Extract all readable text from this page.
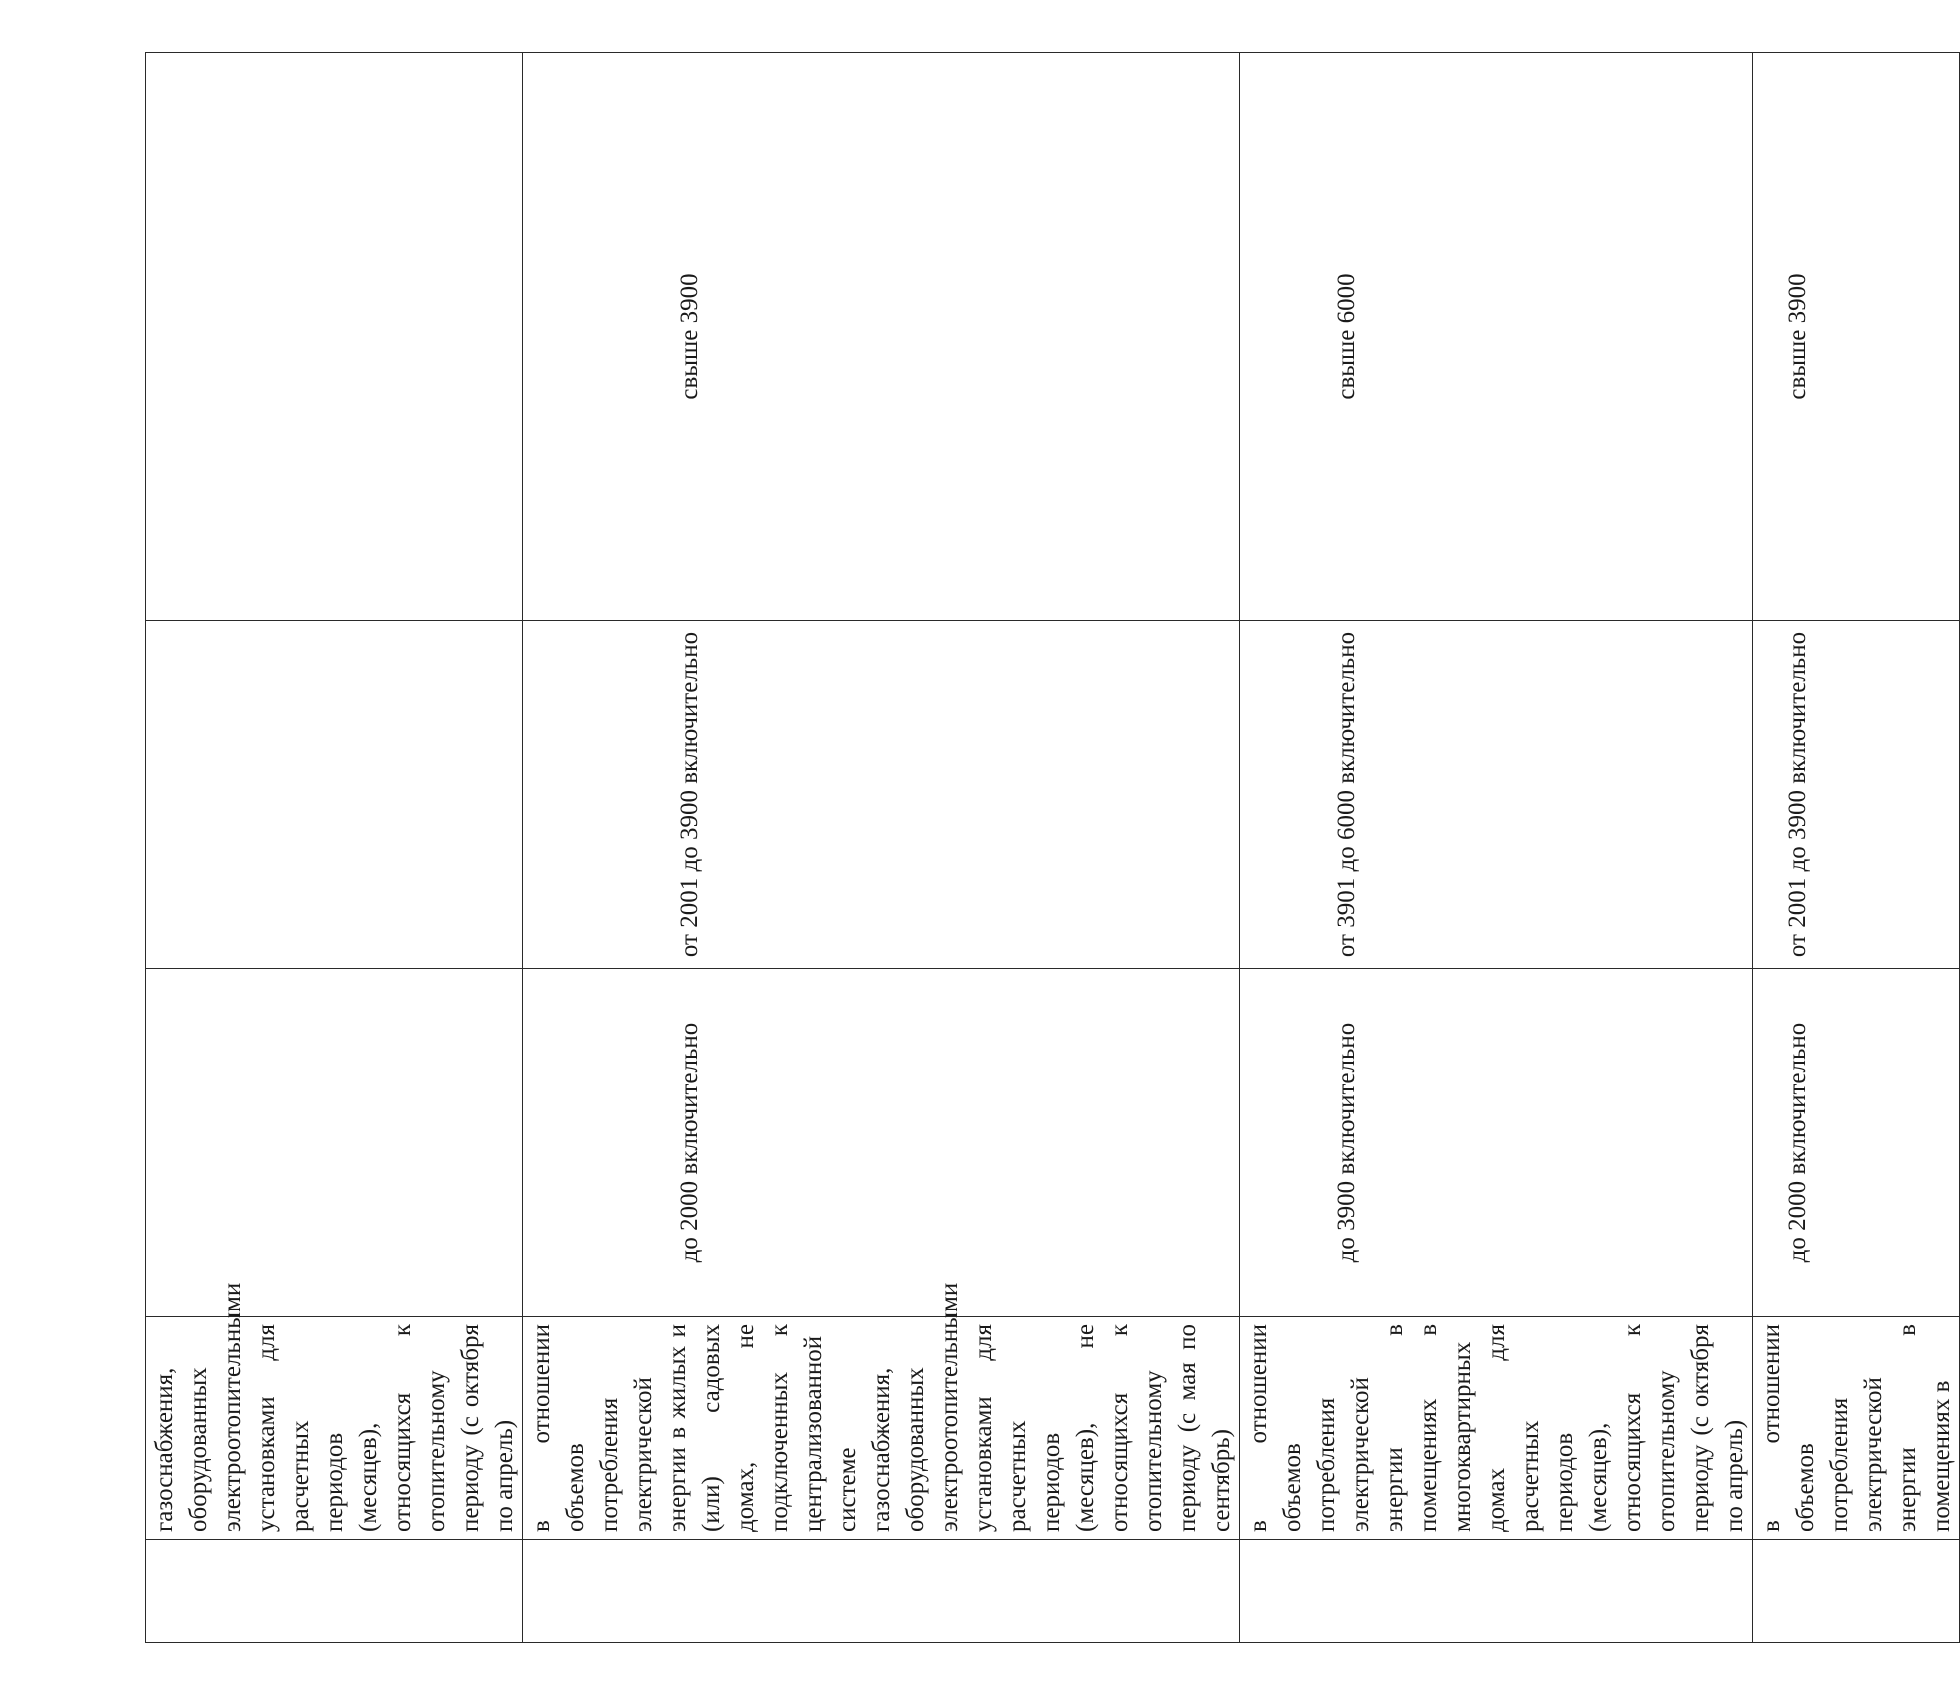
	газоснабжения, оборудованных электроотопительными установками для расчетных периодов (месяцев), относящихся к отопительному периоду (с октября по апрель)			

	в отношении объемов потребления электрической энергии в жилых и (или) садовых домах, не подключенных к централизованной системе газоснабжения, оборудованных электроотопительными установками для расчетных периодов (месяцев), не относящихся к отопительному периоду (с мая по сентябрь)	до 2000 включительно	от 2001 до 3900 включительно	свыше 3900

	в отношении объемов потребления электрической энергии в помещениях в многоквартирных домах для расчетных периодов (месяцев), относящихся к отопительному периоду (с октября по апрель)	до 3900 включительно	от 3901 до 6000 включительно	свыше 6000

	в отношении объемов потребления электрической энергии в помещениях в	до 2000 включительно	от 2001 до 3900 включительно	свыше 3900
